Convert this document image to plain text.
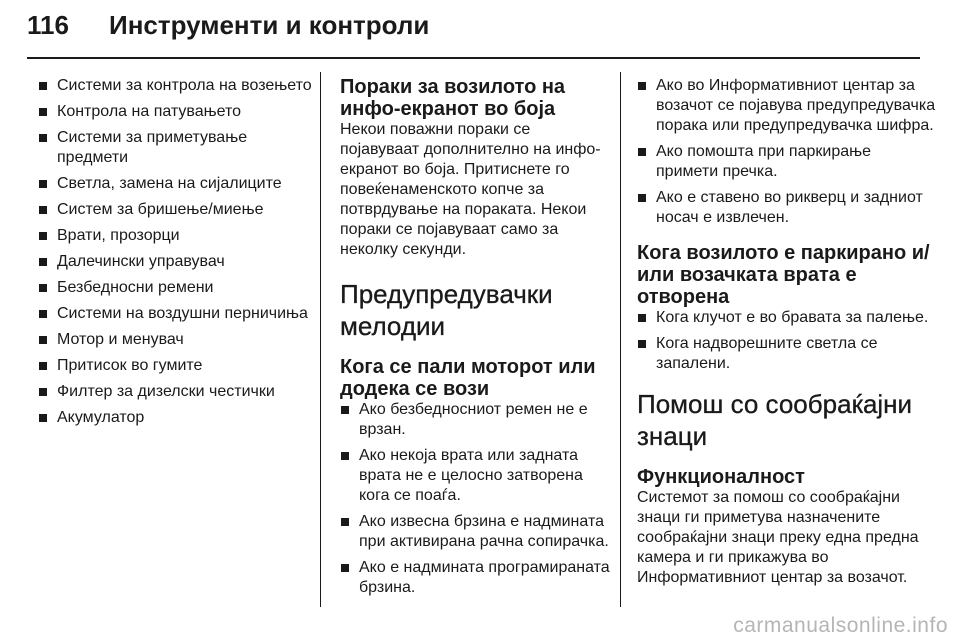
116	Инструменти и контроли
Системи за контрола на возењето
Контрола на патувањето
Системи за приметување предмети
Светла, замена на сијалиците
Систем за бришење/миење
Врати, прозорци
Далечински управувач
Безбедносни ремени
Системи на воздушни перничиња
Мотор и менувач
Притисок во гумите
Филтер за дизелски честички
Акумулатор
Пораки за возилото на инфо-екранот во боја

Некои поважни пораки се појавуваат дополнително на инфо-екранот во боја. Притиснете го повеќенаменското копче за потврдување на пораката. Некои пораки се појавуваат само за неколку секунди.

Предупредувачки мелодии
Кога се пали моторот или додека се вози
Ако безбедносниот ремен не е врзан.
Ако некоја врата или задната врата не е целосно затворена кога се поаѓа.
Ако извесна брзина е надмината при активирана рачна сопирачка.
Ако е надмината програмираната брзина.
Ако во Информативниот центар за возачот се појавува предупредувачка порака или предупредувачка шифра.
Ако помошта при паркирање примети пречка.
Ако е ставено во рикверц и задниот носач е извлечен.
Кога возилото е паркирано и/ или возачката врата е отворена
Кога клучот е во бравата за палење.
Кога надворешните светла се запалени.
Помош со сообраќајни знаци
Функционалност

Системот за помош со сообраќајни знаци ги приметува назначените сообраќајни знаци преку една предна камера и ги прикажува во Информативниот центар за возачот.

carmanualsonline.info
